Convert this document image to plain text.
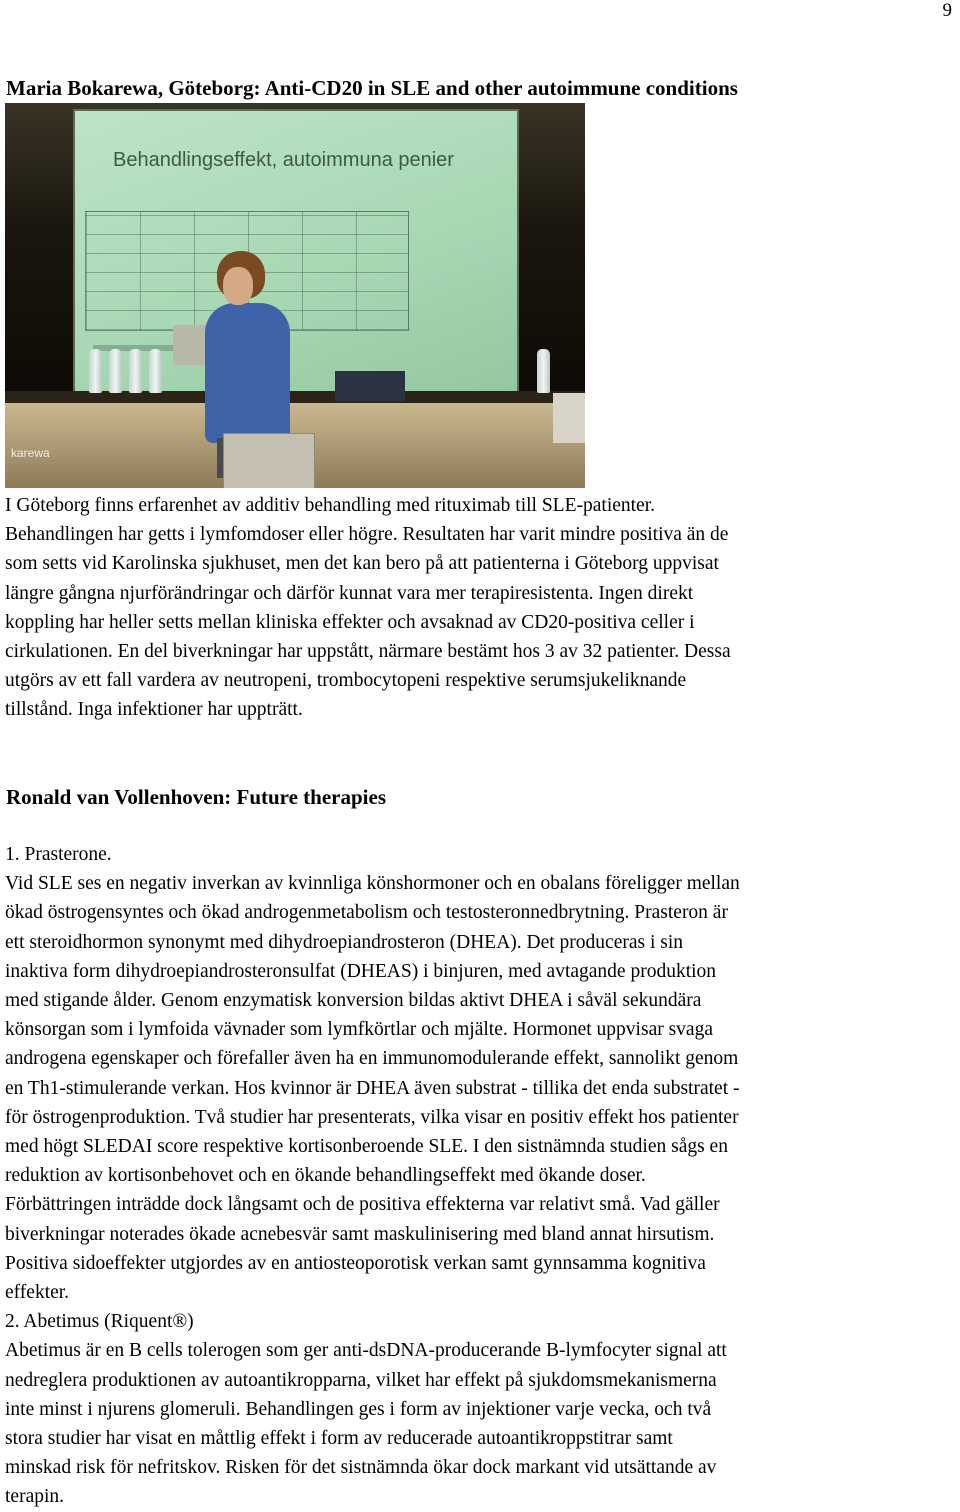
9
Maria Bokarewa, Göteborg: Anti-CD20 in SLE and other autoimmune conditions
Behandlingseffekt, autoimmuna penier
karewa
I Göteborg finns erfarenhet av additiv behandling med rituximab till SLE-patienter.
Behandlingen har getts i lymfomdoser eller högre. Resultaten har varit mindre positiva än de
som setts vid Karolinska sjukhuset, men det kan bero på att patienterna i Göteborg uppvisat
längre gångna njurförändringar och därför kunnat vara mer terapiresistenta. Ingen direkt
koppling har heller setts mellan kliniska effekter och avsaknad av CD20-positiva celler i
cirkulationen. En del biverkningar har uppstått, närmare bestämt hos 3 av 32 patienter. Dessa
utgörs av ett fall vardera av neutropeni, trombocytopeni respektive serumsjukeliknande
tillstånd. Inga infektioner har uppträtt.
Ronald van Vollenhoven: Future therapies
1. Prasterone.
Vid SLE ses en negativ inverkan av kvinnliga könshormoner och en obalans föreligger mellan
ökad östrogensyntes och ökad androgenmetabolism och testosteronnedbrytning. Prasteron är
ett steroidhormon synonymt med dihydroepiandrosteron (DHEA). Det produceras i sin
inaktiva form dihydroepiandrosteronsulfat (DHEAS) i binjuren, med avtagande produktion
med stigande ålder. Genom enzymatisk konversion bildas aktivt DHEA i såväl sekundära
könsorgan som i lymfoida vävnader som lymfkörtlar och mjälte. Hormonet uppvisar svaga
androgena egenskaper och förefaller även ha en immunomodulerande effekt, sannolikt genom
en Th1-stimulerande verkan. Hos kvinnor är DHEA även substrat - tillika det enda substratet -
för östrogenproduktion. Två studier har presenterats, vilka visar en positiv effekt hos patienter
med högt SLEDAI score respektive kortisonberoende SLE. I den sistnämnda studien sågs en
reduktion av kortisonbehovet och en ökande behandlingseffekt med ökande doser.
Förbättringen inträdde dock långsamt och de positiva effekterna var relativt små. Vad gäller
biverkningar noterades ökade acnebesvär samt maskulinisering med bland annat hirsutism.
Positiva sidoeffekter utgjordes av en antiosteoporotisk verkan samt gynnsamma kognitiva
effekter.
2. Abetimus (Riquent®)
Abetimus är en B cells tolerogen som ger anti-dsDNA-producerande B-lymfocyter signal att
nedreglera produktionen av autoantikropparna, vilket har effekt på sjukdomsmekanismerna
inte minst i njurens glomeruli. Behandlingen ges i form av injektioner varje vecka, och två
stora studier har visat en måttlig effekt i form av reducerade autoantikroppstitrar samt
minskad risk för nefritskov. Risken för det sistnämnda ökar dock markant vid utsättande av
terapin.
